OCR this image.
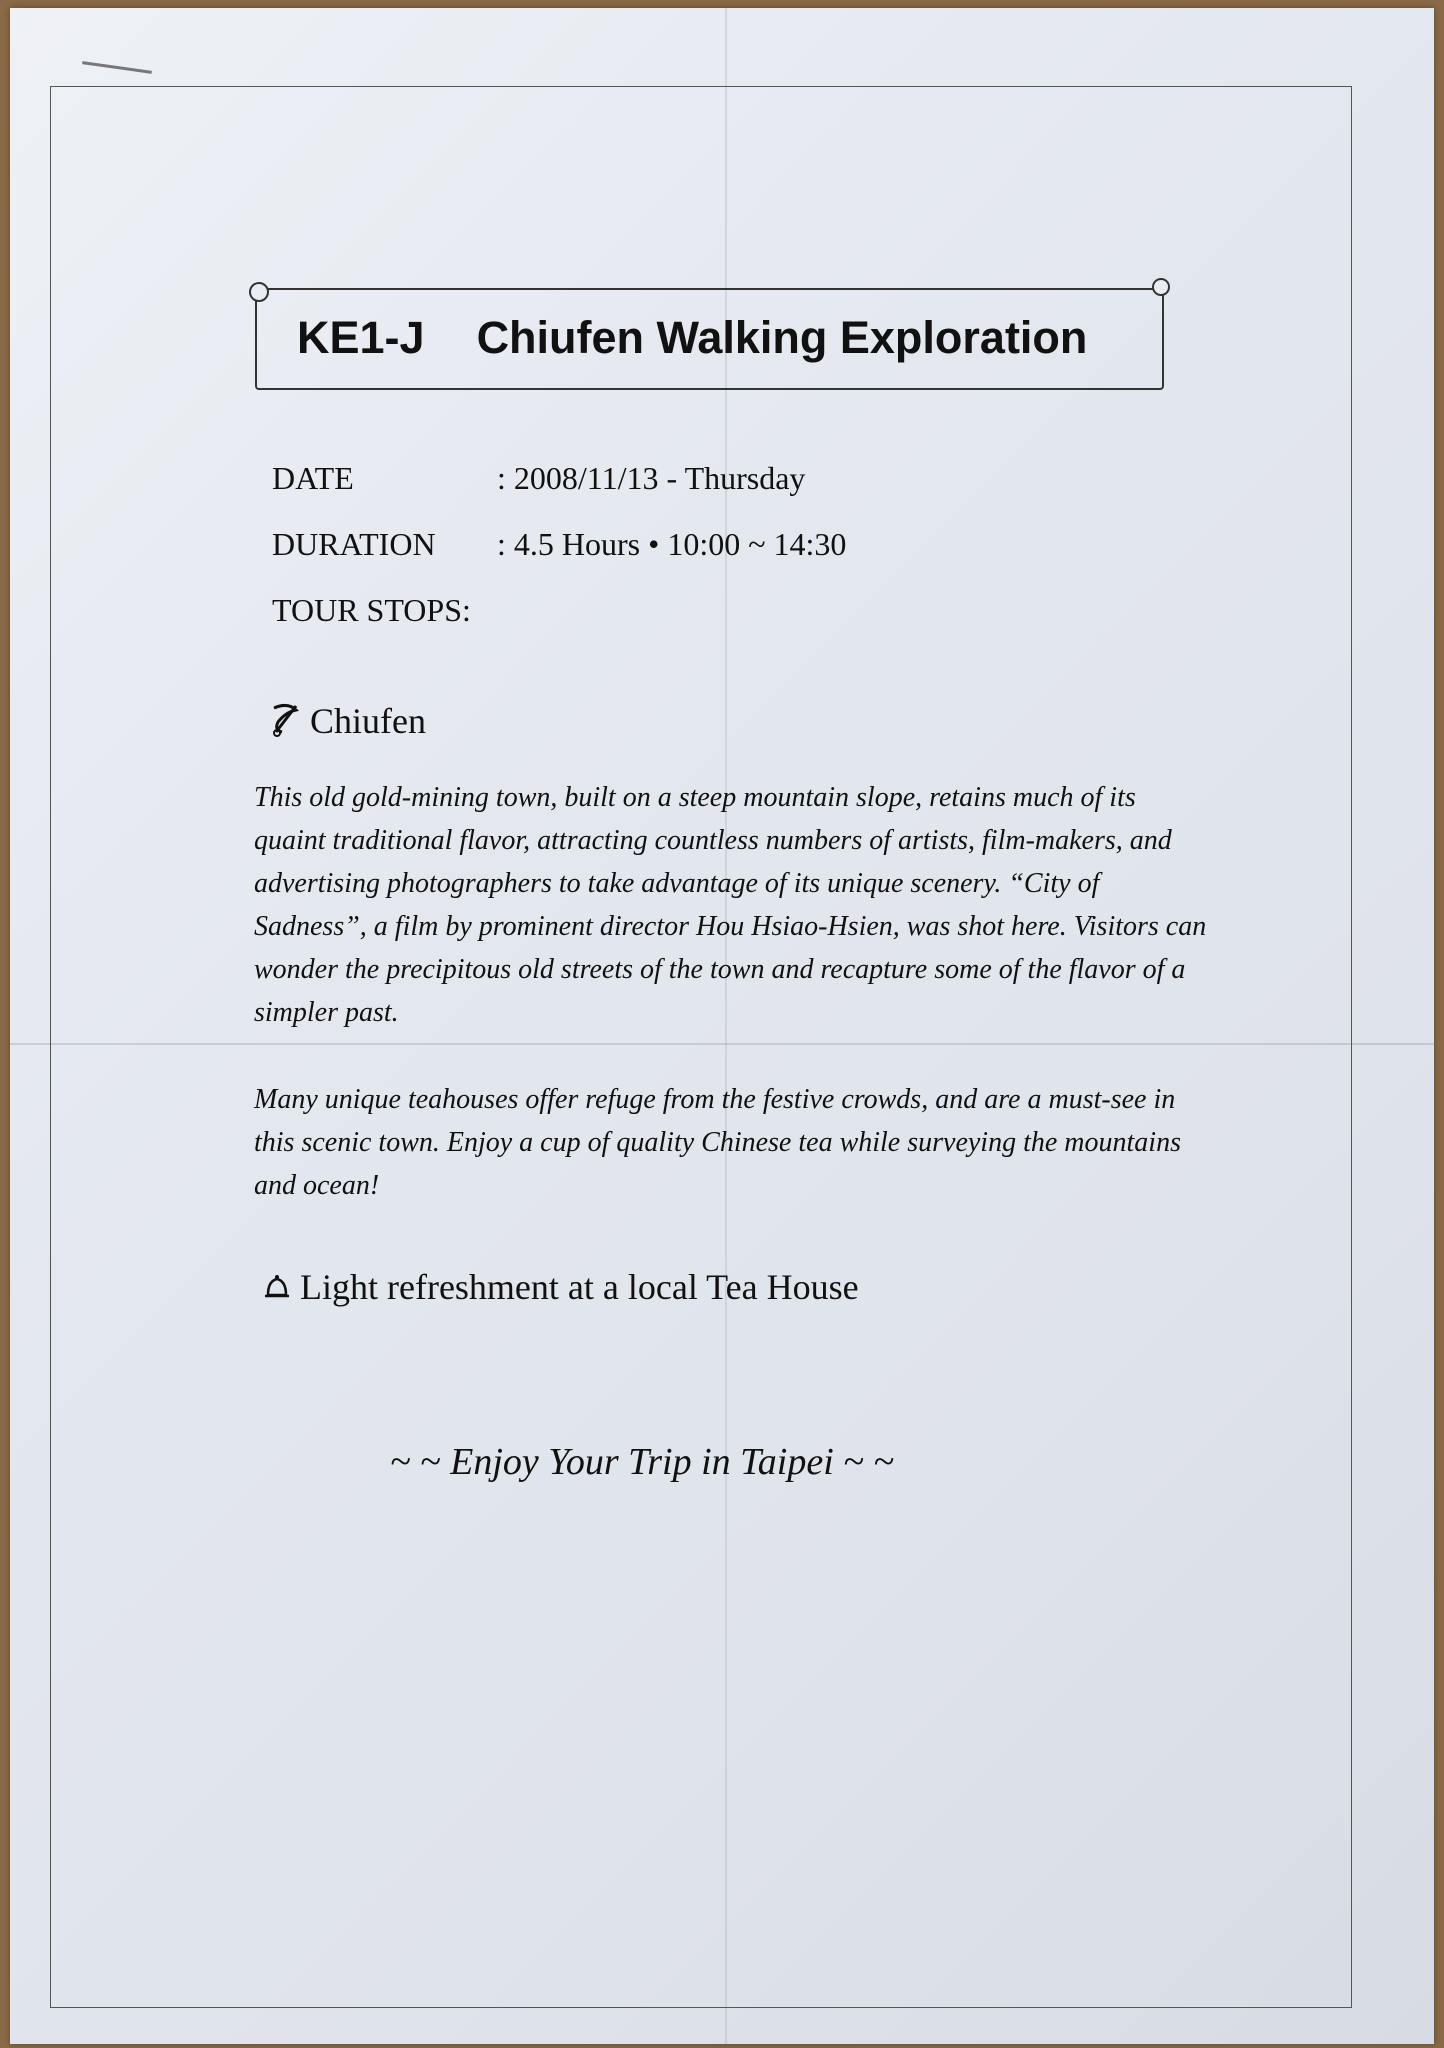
KE1-J Chiufen Walking Exploration
DATE	: 2008/11/13 - Thursday
DURATION : 4.5 Hours • 10:00 ~ 14:30
TOUR STOPS:
Chiufen
This old gold-mining town, built on a steep mountain slope, retains much of its quaint traditional flavor, attracting countless numbers of artists, film-makers, and advertising photographers to take advantage of its unique scenery. “City of Sadness”, a film by prominent director Hou Hsiao-Hsien, was shot here. Visitors can wonder the precipitous old streets of the town and recapture some of the flavor of a simpler past.
Many unique teahouses offer refuge from the festive crowds, and are a must-see in this scenic town. Enjoy a cup of quality Chinese tea while surveying the mountains and ocean!
Light refreshment at a local Tea House
~ ~ Enjoy Your Trip in Taipei ~ ~
